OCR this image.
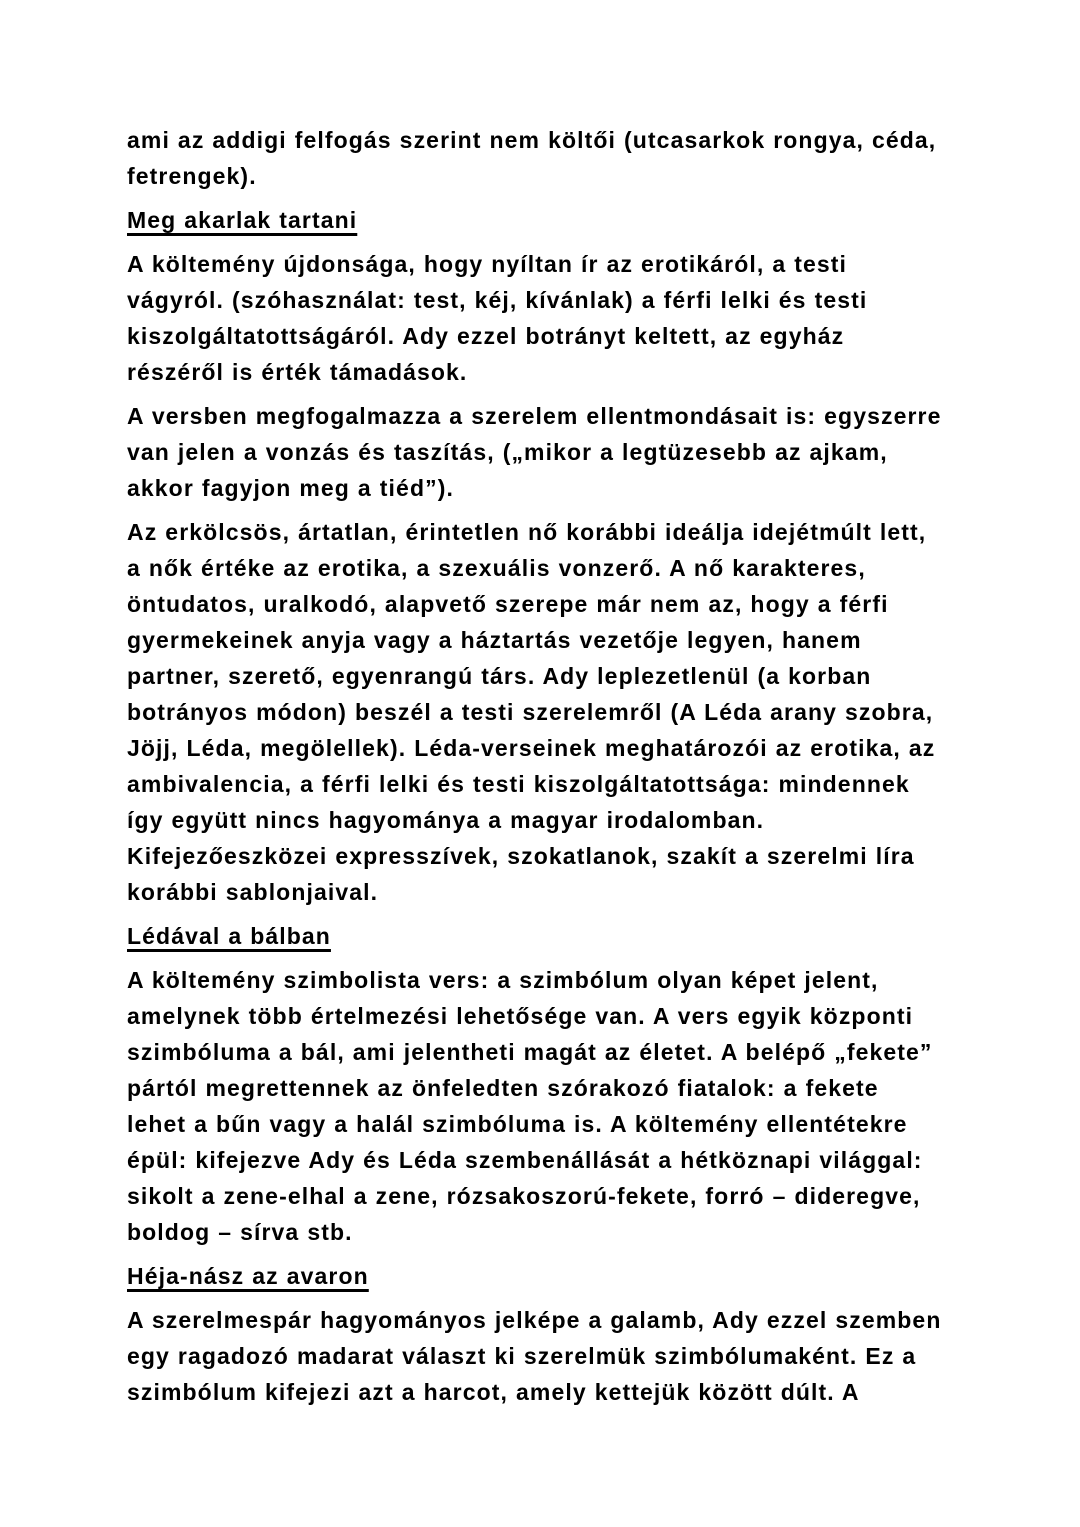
ami az addigi felfogás szerint nem költői (utcasarkok rongya, céda, fetrengek).

Meg akarlak tartani

A költemény újdonsága, hogy nyíltan ír az erotikáról, a testi vágyról. (szóhasználat: test, kéj, kívánlak) a férfi lelki és testi kiszolgáltatottságáról. Ady ezzel botrányt keltett, az egyház részéről is érték támadások.

A versben megfogalmazza a szerelem ellentmondásait is: egyszerre van jelen a vonzás és taszítás, („mikor a legtüzesebb az ajkam, akkor fagyjon meg a tiéd”).

Az erkölcsös, ártatlan, érintetlen nő korábbi ideálja idejétmúlt lett, a nők értéke az erotika, a szexuális vonzerő. A nő karakteres, öntudatos, uralkodó, alapvető szerepe már nem az, hogy a férfi gyermekeinek anyja vagy a háztartás vezetője legyen, hanem partner, szerető, egyenrangú társ. Ady leplezetlenül (a korban botrányos módon) beszél a testi szerelemről (A Léda arany szobra, Jöjj, Léda, megölellek). Léda-verseinek meghatározói az erotika, az ambivalencia, a férfi lelki és testi kiszolgáltatottsága: mindennek így együtt nincs hagyománya a magyar irodalomban. Kifejezőeszközei expresszívek, szokatlanok, szakít a szerelmi líra korábbi sablonjaival.

Lédával a bálban

A költemény szimbolista vers: a szimbólum olyan képet jelent, amelynek több értelmezési lehetősége van. A vers egyik központi szimbóluma a bál, ami jelentheti magát az életet. A belépő „fekete” pártól megrettennek az önfeledten szórakozó fiatalok: a fekete lehet a bűn vagy a halál szimbóluma is. A költemény ellentétekre épül: kifejezve Ady és Léda szembenállását a hétköznapi világgal: sikolt a zene-elhal a zene, rózsakoszorú-fekete, forró – dideregve, boldog – sírva stb.

Héja-nász az avaron

A szerelmespár hagyományos jelképe a galamb, Ady ezzel szemben egy ragadozó madarat választ ki szerelmük szimbólumaként. Ez a szimbólum kifejezi azt a harcot, amely kettejük között dúlt. A
